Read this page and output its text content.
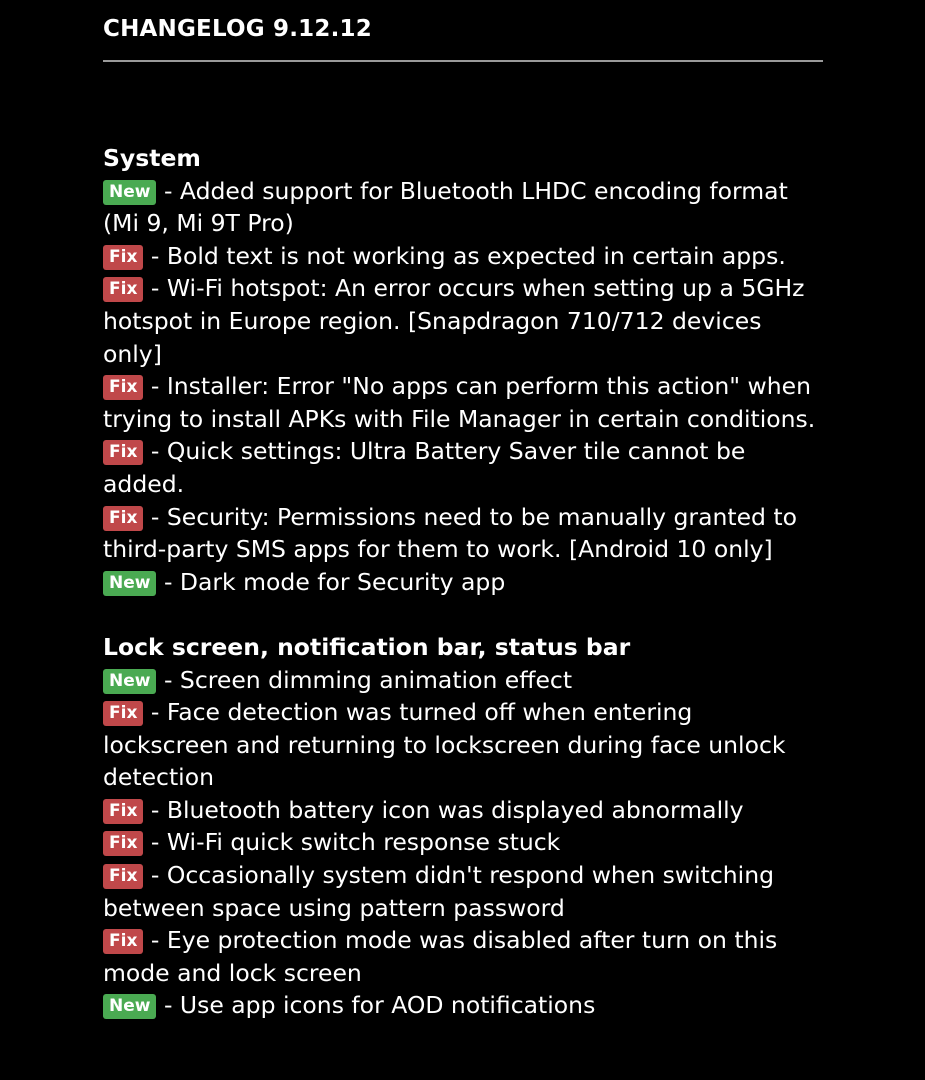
CHANGELOG 9.12.12
System
New - Added support for Bluetooth LHDC encoding format (Mi 9, Mi 9T Pro)
Fix - Bold text is not working as expected in certain apps.
Fix - Wi-Fi hotspot: An error occurs when setting up a 5GHz hotspot in Europe region. [Snapdragon 710/712 devices only]
Fix - Installer: Error "No apps can perform this action" when trying to install APKs with File Manager in certain conditions.
Fix - Quick settings: Ultra Battery Saver tile cannot be added.
Fix - Security: Permissions need to be manually granted to third-party SMS apps for them to work. [Android 10 only]
New - Dark mode for Security app
Lock screen, notification bar, status bar
New - Screen dimming animation effect
Fix - Face detection was turned off when entering lockscreen and returning to lockscreen during face unlock detection
Fix - Bluetooth battery icon was displayed abnormally
Fix - Wi-Fi quick switch response stuck
Fix - Occasionally system didn't respond when switching between space using pattern password
Fix - Eye protection mode was disabled after turn on this mode and lock screen
New - Use app icons for AOD notifications
